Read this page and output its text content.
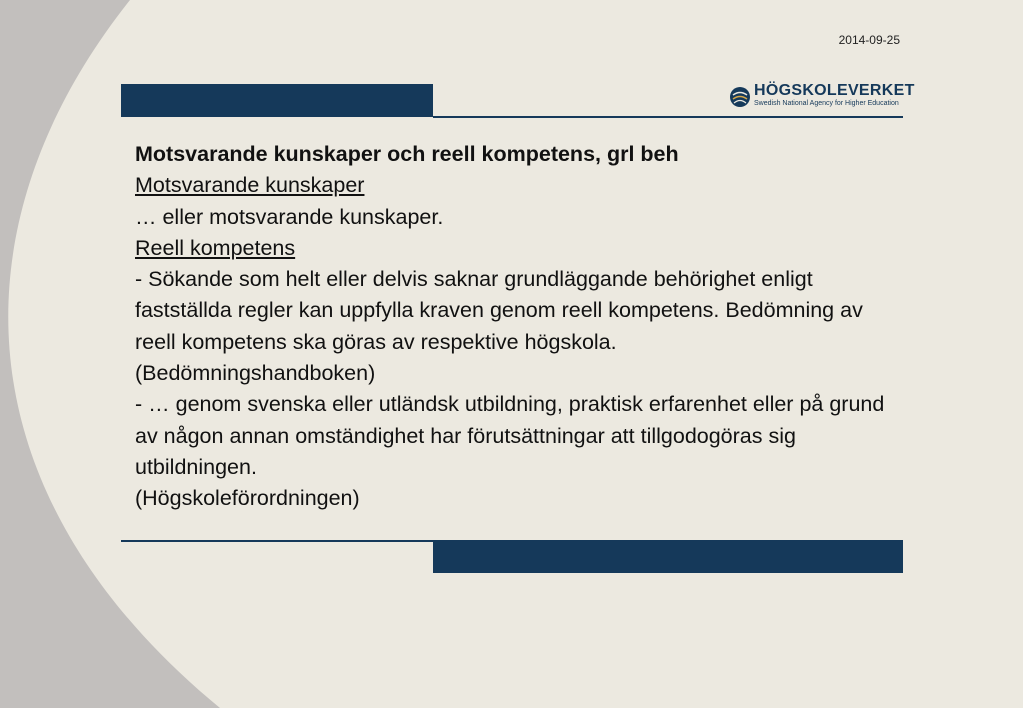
2014-09-25
HÖGSKOLEVERKET
Swedish National Agency for Higher Education

Motsvarande kunskaper och reell kompetens, grl beh

Motsvarande kunskaper

… eller motsvarande kunskaper.

Reell kompetens

- Sökande som helt eller delvis saknar grundläggande behörighet enligt fastställda regler kan uppfylla kraven genom reell kompetens. Bedömning av reell kompetens ska göras av respektive högskola.

(Bedömningshandboken)

- … genom svenska eller utländsk utbildning, praktisk erfarenhet eller på grund av någon annan omständighet har förutsättningar att tillgodogöras sig utbildningen.

(Högskoleförordningen)
